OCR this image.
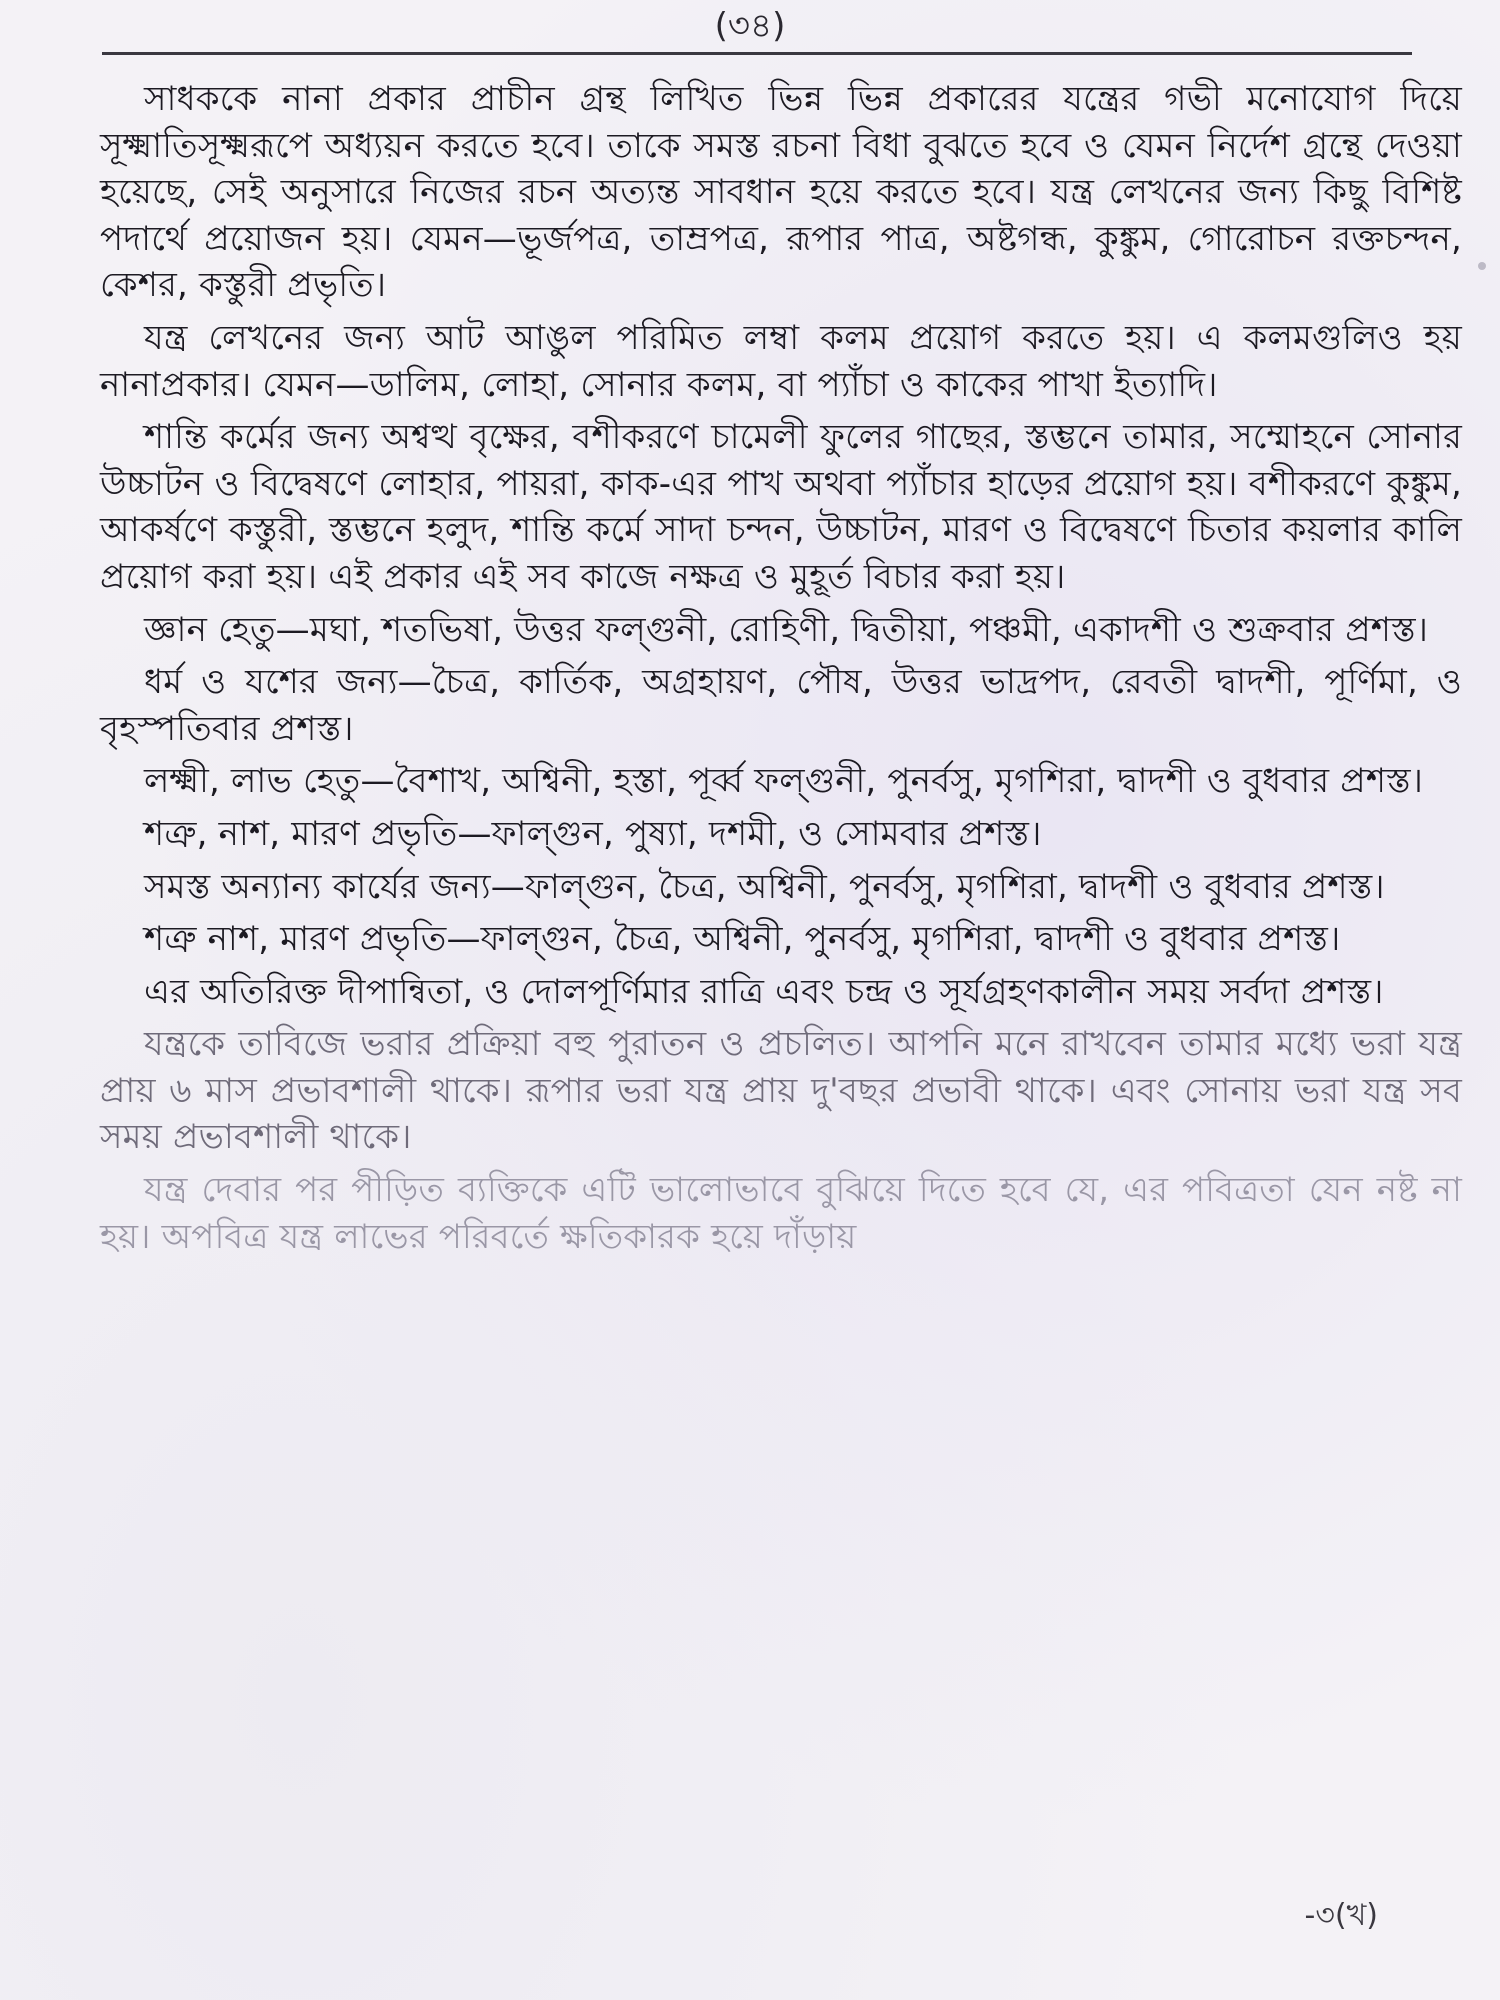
(৩৪)

সাধককে নানা প্রকার প্রাচীন গ্রন্থ লিখিত ভিন্ন ভিন্ন প্রকারের যন্ত্রের গভী মনোযোগ দিয়ে সূক্ষ্মাতিসূক্ষ্মরূপে অধ্যয়ন করতে হবে। তাকে সমস্ত রচনা বিধা বুঝতে হবে ও যেমন নির্দেশ গ্রন্থে দেওয়া হয়েছে, সেই অনুসারে নিজের রচন অত্যন্ত সাবধান হয়ে করতে হবে। যন্ত্র লেখনের জন্য কিছু বিশিষ্ট পদার্থে প্রয়োজন হয়। যেমন—ভূর্জপত্র, তাম্রপত্র, রূপার পাত্র, অষ্টগন্ধ, কুঙ্কুম, গোরোচন রক্তচন্দন, কেশর, কস্তুরী প্রভৃতি।

যন্ত্র লেখনের জন্য আট আঙুল পরিমিত লম্বা কলম প্রয়োগ করতে হয়। এ কলমগুলিও হয় নানাপ্রকার। যেমন—ডালিম, লোহা, সোনার কলম, বা প্যাঁচা ও কাকের পাখা ইত্যাদি।

শান্তি কর্মের জন্য অশ্বত্থ বৃক্ষের, বশীকরণে চামেলী ফুলের গাছের, স্তম্ভনে তামার, সম্মোহনে সোনার উচ্চাটন ও বিদ্বেষণে লোহার, পায়রা, কাক-এর পাখ অথবা প্যাঁচার হাড়ের প্রয়োগ হয়। বশীকরণে কুঙ্কুম, আকর্ষণে কস্তুরী, স্তম্ভনে হলুদ, শান্তি কর্মে সাদা চন্দন, উচ্চাটন, মারণ ও বিদ্বেষণে চিতার কয়লার কালি প্রয়োগ করা হয়। এই প্রকার এই সব কাজে নক্ষত্র ও মুহূর্ত বিচার করা হয়।

জ্ঞান হেতু—মঘা, শতভিষা, উত্তর ফল্গুনী, রোহিণী, দ্বিতীয়া, পঞ্চমী, একাদশী ও শুক্রবার প্রশস্ত।

ধর্ম ও যশের জন্য—চৈত্র, কার্তিক, অগ্রহায়ণ, পৌষ, উত্তর ভাদ্রপদ, রেবতী দ্বাদশী, পূর্ণিমা, ও বৃহস্পতিবার প্রশস্ত।

লক্ষ্মী, লাভ হেতু—বৈশাখ, অশ্বিনী, হস্তা, পূর্ব্ব ফল্গুনী, পুনর্বসু, মৃগশিরা, দ্বাদশী ও বুধবার প্রশস্ত।

শত্রু, নাশ, মারণ প্রভৃতি—ফাল্গুন, পুষ্যা, দশমী, ও সোমবার প্রশস্ত।

সমস্ত অন্যান্য কার্যের জন্য—ফাল্গুন, চৈত্র, অশ্বিনী, পুনর্বসু, মৃগশিরা, দ্বাদশী ও বুধবার প্রশস্ত।

শত্রু নাশ, মারণ প্রভৃতি—ফাল্গুন, চৈত্র, অশ্বিনী, পুনর্বসু, মৃগশিরা, দ্বাদশী ও বুধবার প্রশস্ত।

এর অতিরিক্ত দীপান্বিতা, ও দোলপূর্ণিমার রাত্রি এবং চন্দ্র ও সূর্যগ্রহণকালীন সময় সর্বদা প্রশস্ত।

যন্ত্রকে তাবিজে ভরার প্রক্রিয়া বহু পুরাতন ও প্রচলিত। আপনি মনে রাখবেন তামার মধ্যে ভরা যন্ত্র প্রায় ৬ মাস প্রভাবশালী থাকে। রূপার ভরা যন্ত্র প্রায় দু'বছর প্রভাবী থাকে। এবং সোনায় ভরা যন্ত্র সব সময় প্রভাবশালী থাকে।

যন্ত্র দেবার পর পীড়িত ব্যক্তিকে এটি ভালোভাবে বুঝিয়ে দিতে হবে যে, এর পবিত্রতা যেন নষ্ট না হয়। অপবিত্র যন্ত্র লাভের পরিবর্তে ক্ষতিকারক হয়ে দাঁড়ায়

-৩(খ)
